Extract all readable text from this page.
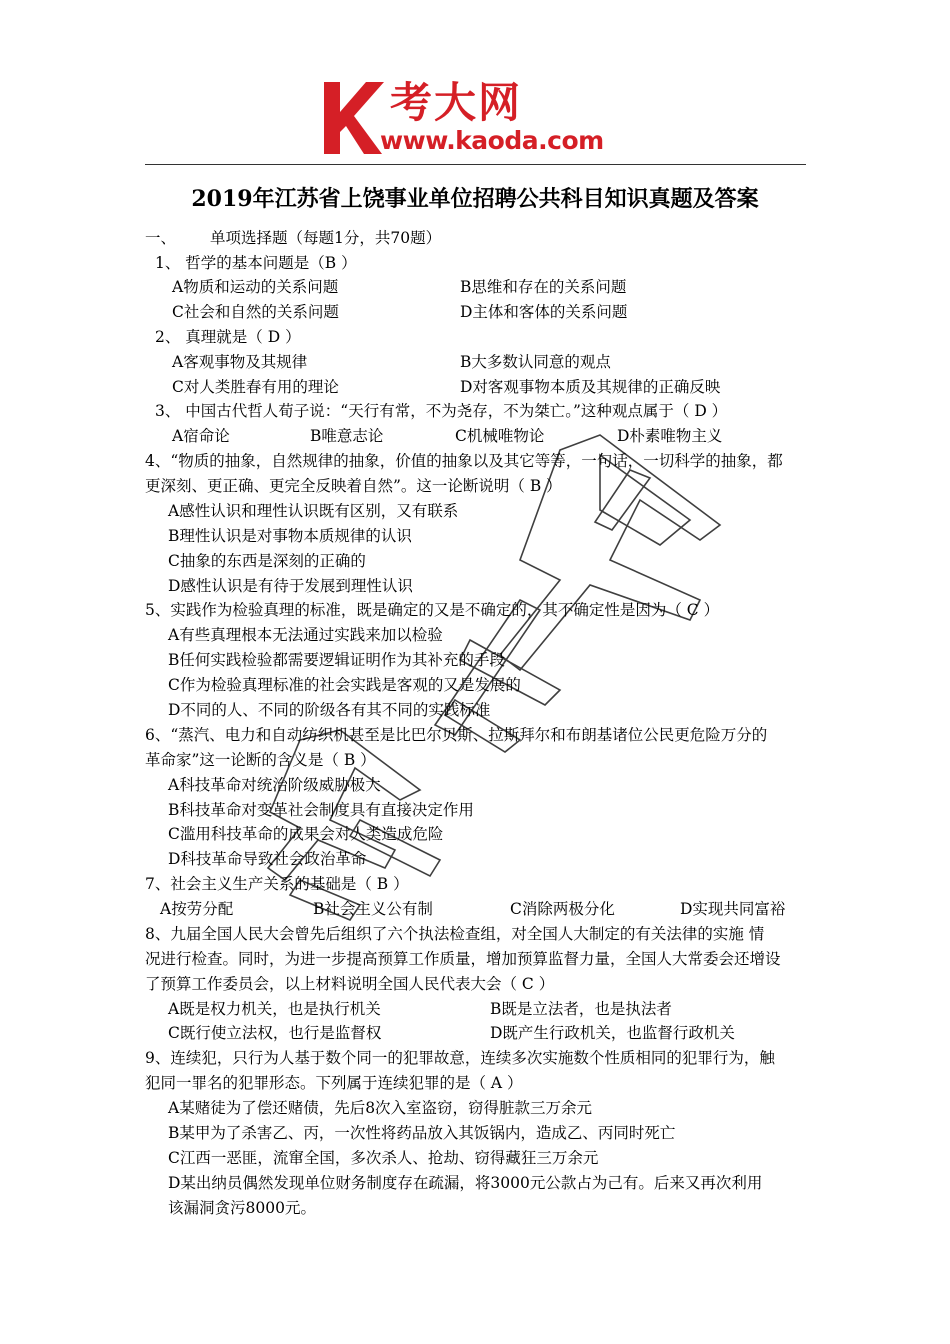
考大网
www.kaoda.com
2019年江苏省上饶事业单位招聘公共科目知识真题及答案
一、 单项选择题（每题1分，共70题）
1、 哲学的基本问题是（B ）
A物质和运动的关系问题	B思维和存在的关系问题
C社会和自然的关系问题	D主体和客体的关系问题
2、 真理就是（ D ）
A客观事物及其规律	B大多数认同意的观点
C对人类胜春有用的理论	D对客观事物本质及其规律的正确反映
3、 中国古代哲人荀子说：“天行有常，不为尧存，不为桀亡。”这种观点属于（ D ）
A宿命论	B唯意志论	C机械唯物论	D朴素唯物主义
4、“物质的抽象，自然规律的抽象，价值的抽象以及其它等等，一句话，一切科学的抽象，都
更深刻、更正确、更完全反映着自然”。这一论断说明（ B ）
A感性认识和理性认识既有区别，又有联系
B理性认识是对事物本质规律的认识
C抽象的东西是深刻的正确的
D感性认识是有待于发展到理性认识
5、实践作为检验真理的标准，既是确定的又是不确定的，其不确定性是因为（ C ）
A有些真理根本无法通过实践来加以检验
B任何实践检验都需要逻辑证明作为其补充的手段
C作为检验真理标准的社会实践是客观的又是发展的
D不同的人、不同的阶级各有其不同的实践标准
6、“蒸汽、电力和自动纺织机甚至是比巴尔贝斯、拉斯拜尔和布朗基诸位公民更危险万分的
革命家”这一论断的含义是（ B ）
A科技革命对统治阶级威胁极大
B科技革命对变革社会制度具有直接决定作用
C滥用科技革命的成果会对人类造成危险
D科技革命导致社会政治革命
7、社会主义生产关系的基础是（ B ）
A按劳分配	B社会主义公有制	C消除两极分化	D实现共同富裕
8、九届全国人民大会曾先后组织了六个执法检查组，对全国人大制定的有关法律的实施 情
况进行检查。同时，为进一步提高预算工作质量，增加预算监督力量，全国人大常委会还增设
了预算工作委员会，以上材料说明全国人民代表大会（ C ）
A既是权力机关，也是执行机关	B既是立法者，也是执法者
C既行使立法权，也行是监督权	D既产生行政机关，也监督行政机关
9、连续犯，只行为人基于数个同一的犯罪故意，连续多次实施数个性质相同的犯罪行为，触
犯同一罪名的犯罪形态。下列属于连续犯罪的是（ A ）
A某赌徒为了偿还赌债，先后8次入室盗窃，窃得脏款三万余元
B某甲为了杀害乙、丙，一次性将药品放入其饭锅内，造成乙、丙同时死亡
C江西一恶匪，流窜全国，多次杀人、抢劫、窃得藏狂三万余元
D某出纳员偶然发现单位财务制度存在疏漏，将3000元公款占为己有。后来又再次利用
该漏洞贪污8000元。
